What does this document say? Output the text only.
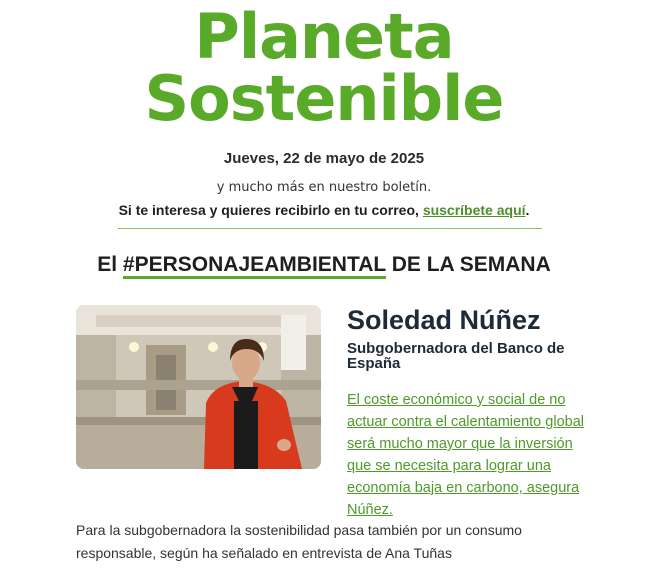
Planeta
Sostenible
Jueves, 22 de mayo de 2025
y mucho más en nuestro boletín.
Si te interesa y quieres recibirlo en tu correo, suscríbete aquí.
El #PERSONAJEAMBIENTAL DE LA SEMANA
Soledad Núñez
Subgobernadora del Banco de España
El coste económico y social de no actuar contra el calentamiento global será mucho mayor que la inversión que se necesita para lograr una economía baja en carbono, asegura Núñez.
Para la subgobernadora la sostenibilidad pasa también por un consumo responsable, según ha señalado en entrevista de Ana Tuñas
